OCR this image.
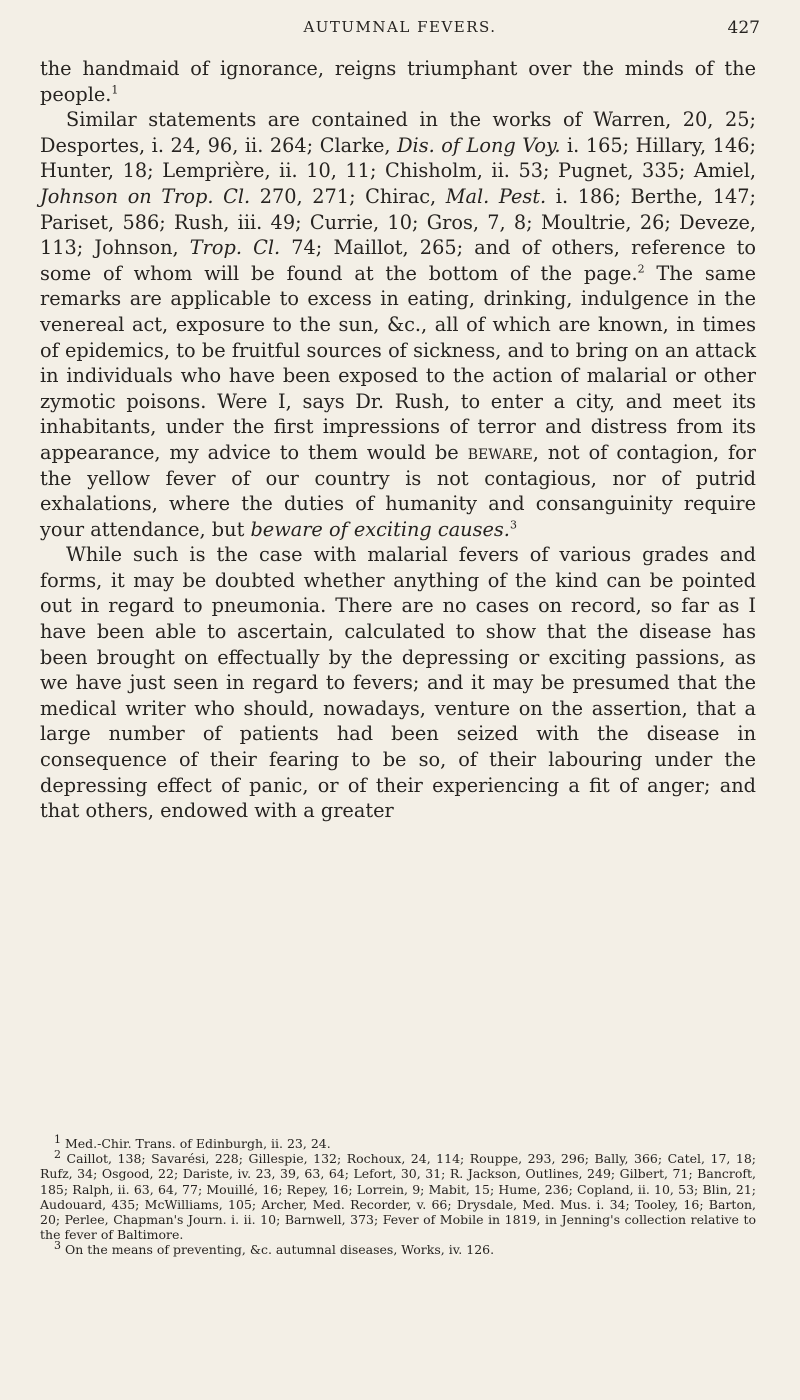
AUTUMNAL FEVERS.	427

the handmaid of ignorance, reigns triumphant over the minds of the people.$^1$

Similar statements are contained in the works of Warren, 20, 25; Desportes, i. 24, 96, ii. 264; Clarke, Dis. of Long Voy. i. 165; Hillary, 146; Hunter, 18; Lemprière, ii. 10, 11; Chisholm, ii. 53; Pugnet, 335; Amiel, Johnson on Trop. Cl. 270, 271; Chirac, Mal. Pest. i. 186; Berthe, 147; Pariset, 586; Rush, iii. 49; Currie, 10; Gros, 7, 8; Moultrie, 26; Deveze, 113; Johnson, Trop. Cl. 74; Maillot, 265; and of others, reference to some of whom will be found at the bottom of the page.$^2$ The same remarks are applicable to excess in eating, drinking, indulgence in the venereal act, exposure to the sun, &c., all of which are known, in times of epidemics, to be fruitful sources of sickness, and to bring on an attack in individuals who have been exposed to the action of malarial or other zymotic poisons. Were I, says Dr. Rush, to enter a city, and meet its inhabitants, under the first impressions of terror and distress from its appearance, my advice to them would be beware, not of contagion, for the yellow fever of our country is not contagious, nor of putrid exhalations, where the duties of humanity and consanguinity require your attendance, but beware of exciting causes.$^3$

While such is the case with malarial fevers of various grades and forms, it may be doubted whether anything of the kind can be pointed out in regard to pneumonia. There are no cases on record, so far as I have been able to ascertain, calculated to show that the disease has been brought on effectually by the depressing or exciting passions, as we have just seen in regard to fevers; and it may be presumed that the medical writer who should, nowadays, venture on the assertion, that a large number of patients had been seized with the disease in consequence of their fearing to be so, of their labouring under the depressing effect of panic, or of their experiencing a fit of anger; and that others, endowed with a greater

$^1$ Med.-Chir. Trans. of Edinburgh, ii. 23, 24.

$^2$ Caillot, 138; Savarési, 228; Gillespie, 132; Rochoux, 24, 114; Rouppe, 293, 296; Bally, 366; Catel, 17, 18; Rufz, 34; Osgood, 22; Dariste, iv. 23, 39, 63, 64; Lefort, 30, 31; R. Jackson, Outlines, 249; Gilbert, 71; Bancroft, 185; Ralph, ii. 63, 64, 77; Mouillé, 16; Repey, 16; Lorrein, 9; Mabit, 15; Hume, 236; Copland, ii. 10, 53; Blin, 21; Audouard, 435; McWilliams, 105; Archer, Med. Recorder, v. 66; Drysdale, Med. Mus. i. 34; Tooley, 16; Barton, 20; Perlee, Chapman's Journ. i. ii. 10; Barnwell, 373; Fever of Mobile in 1819, in Jenning's collection relative to the fever of Baltimore.

$^3$ On the means of preventing, &c. autumnal diseases, Works, iv. 126.
